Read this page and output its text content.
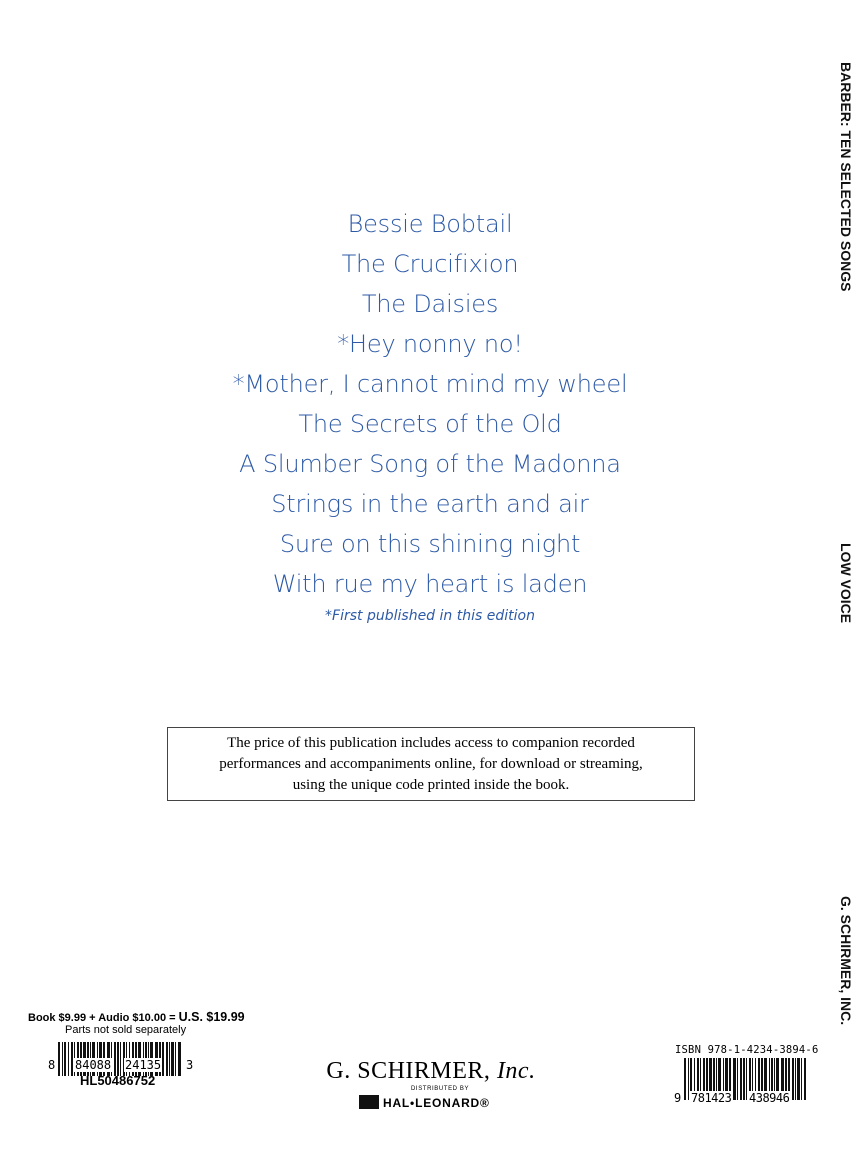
Bessie Bobtail
The Crucifixion
The Daisies
*Hey nonny no!
*Mother, I cannot mind my wheel
The Secrets of the Old
A Slumber Song of the Madonna
Strings in the earth and air
Sure on this shining night
With rue my heart is laden
*First published in this edition
BARBER: TEN SELECTED SONGS
LOW VOICE
G. SCHIRMER, INC.
The price of this publication includes access to companion recorded
performances and accompaniments online, for download or streaming,
using the unique code printed inside the book.
Book $9.99 + Audio $10.00 = U.S. $19.99
Parts not sold separately
8 84088 24135 3
HL50486752	G. SCHIRMER, Inc.
DISTRIBUTED BY
HAL•LEONARD®
ISBN 978-1-4234-3894-6
9 781423 438946
